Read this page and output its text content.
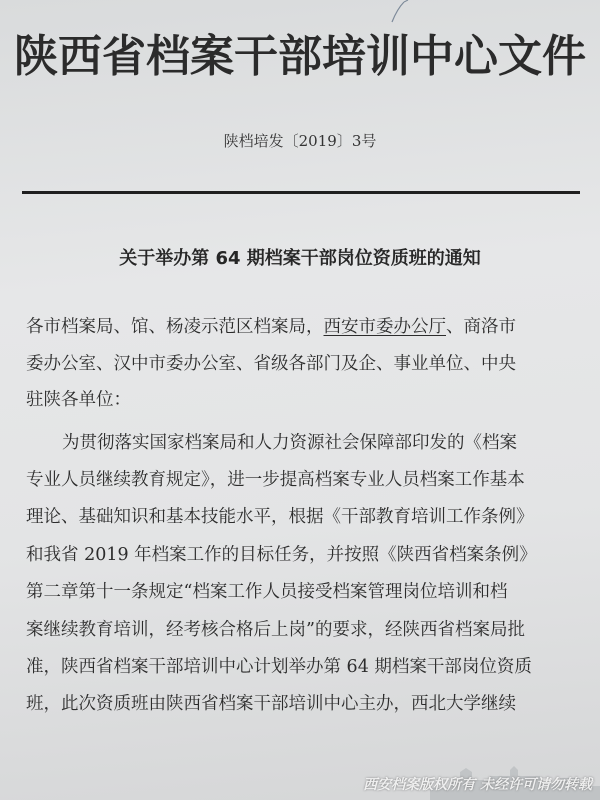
陕西省档案干部培训中心文件
陕档培发〔2019〕3号
关于举办第 64 期档案干部岗位资质班的通知
各市档案局、馆、杨凌示范区档案局，西安市委办公厅、商洛市
委办公室、汉中市委办公室、省级各部门及企、事业单位、中央
驻陕各单位：
为贯彻落实国家档案局和人力资源社会保障部印发的《档案
专业人员继续教育规定》，进一步提高档案专业人员档案工作基本
理论、基础知识和基本技能水平，根据《干部教育培训工作条例》
和我省 2019 年档案工作的目标任务，并按照《陕西省档案条例》
第二章第十一条规定“档案工作人员接受档案管理岗位培训和档
案继续教育培训，经考核合格后上岗”的要求，经陕西省档案局批
准，陕西省档案干部培训中心计划举办第 64 期档案干部岗位资质
班，此次资质班由陕西省档案干部培训中心主办，西北大学继续
西安档案版权所有 未经许可请勿转载
